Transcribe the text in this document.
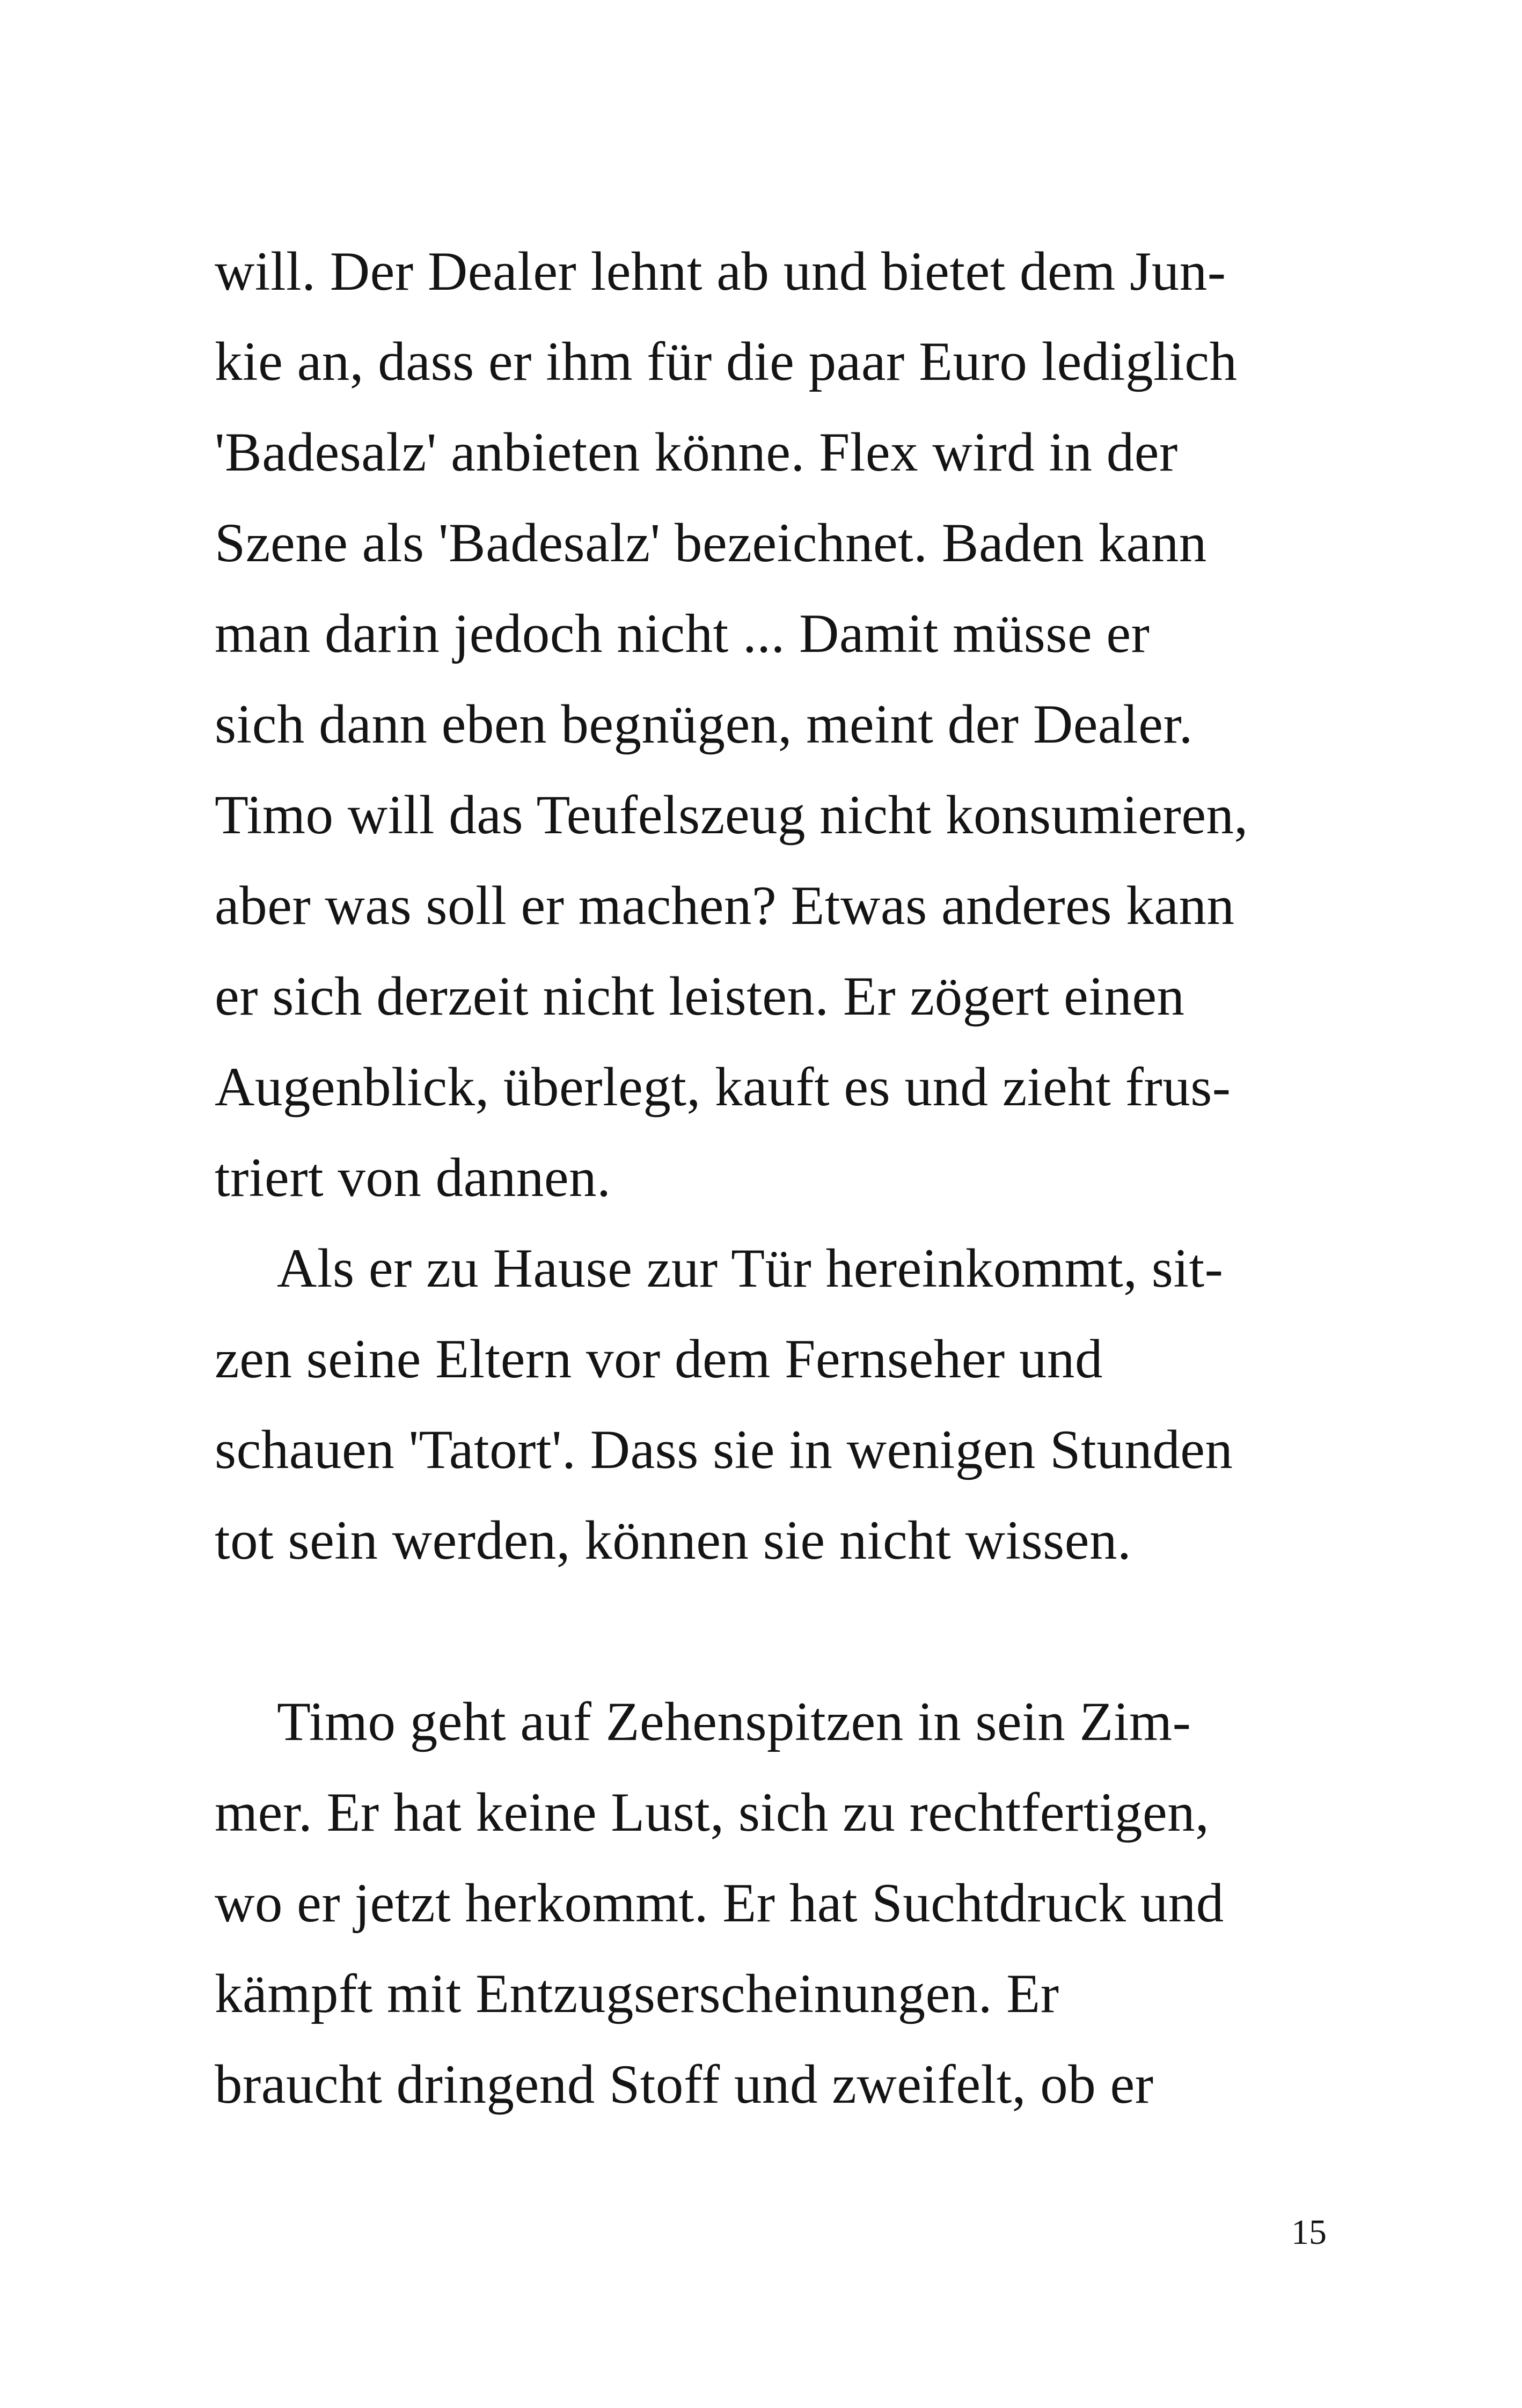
will. Der Dealer lehnt ab und bietet dem Jun-
kie an, dass er ihm für die paar Euro lediglich
'Badesalz' anbieten könne. Flex wird in der
Szene als 'Badesalz' bezeichnet. Baden kann
man darin jedoch nicht ... Damit müsse er
sich dann eben begnügen, meint der Dealer.
Timo will das Teufelszeug nicht konsumieren,
aber was soll er machen? Etwas anderes kann
er sich derzeit nicht leisten. Er zögert einen
Augenblick, überlegt, kauft es und zieht frus-
triert von dannen.
Als er zu Hause zur Tür hereinkommt, sit-
zen seine Eltern vor dem Fernseher und
schauen 'Tatort'. Dass sie in wenigen Stunden
tot sein werden, können sie nicht wissen.
Timo geht auf Zehenspitzen in sein Zim-
mer. Er hat keine Lust, sich zu rechtfertigen,
wo er jetzt herkommt. Er hat Suchtdruck und
kämpft mit Entzugserscheinungen. Er
braucht dringend Stoff und zweifelt, ob er
15
